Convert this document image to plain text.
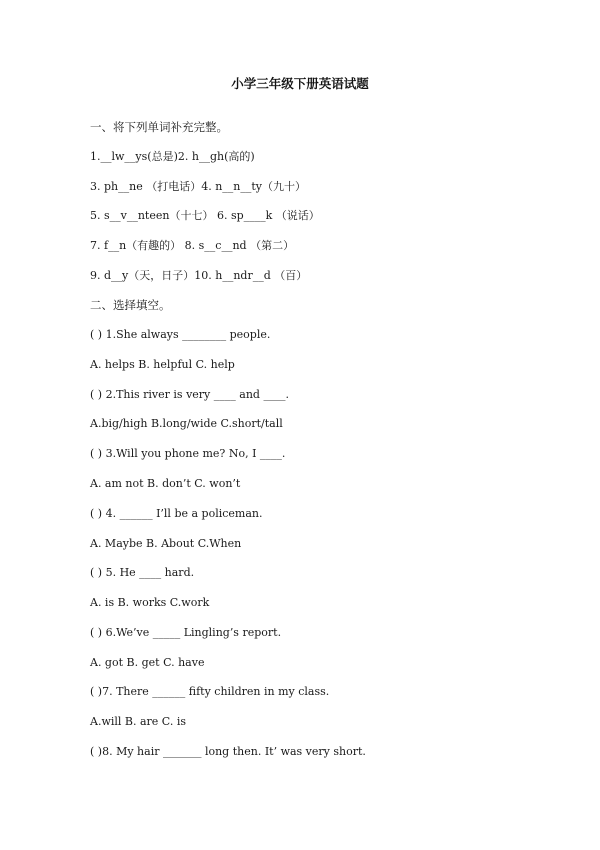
小学三年级下册英语试题
一、将下列单词补充完整。
1.__lw__ys(总是)2. h__gh(高的)
3. ph__ne （打电话）4. n__n__ty（九十）
5. s__v__nteen（十七） 6. sp____k （说话）
7. f__n（有趣的） 8. s__c__nd （第二）
9. d__y（天，日子）10. h__ndr__d （百）
二、选择填空。
( ) 1.She always ________ people.
A. helps B. helpful C. help
( ) 2.This river is very ____ and ____.
A.big/high B.long/wide C.short/tall
( ) 3.Will you phone me? No, I ____.
A. am not B. don’t C. won’t
( ) 4. ______ I’ll be a policeman.
A. Maybe B. About C.When
( ) 5. He ____ hard.
A. is B. works C.work
( ) 6.We’ve _____ Lingling’s report.
A. got B. get C. have
( )7. There ______ fifty children in my class.
A.will B. are C. is
( )8. My hair _______ long then. It’ was very short.
